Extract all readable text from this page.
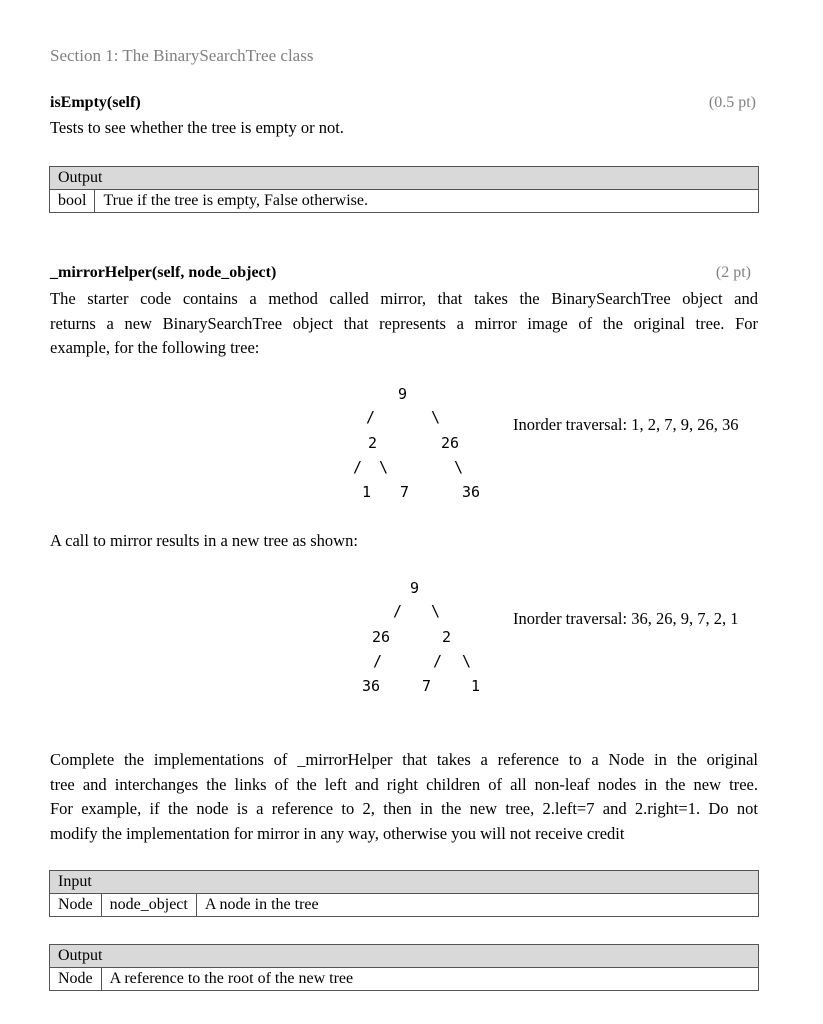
Section 1: The BinarySearchTree class
isEmpty(self)	(0.5 pt)
Tests to see whether the tree is empty or not.
Output
bool	True if the tree is empty, False otherwise.
_mirrorHelper(self, node_object)	(2 pt)
The starter code contains a method called mirror, that takes the BinarySearchTree object and
returns a new BinarySearchTree object that represents a mirror image of the original tree. For
example, for the following tree:
9
/	\
2	26
/ \	\
1 7	36
Inorder traversal: 1, 2, 7, 9, 26, 36
A call to mirror results in a new tree as shown:
9
/ \
26	2
/	/ \
36	7	1
Inorder traversal: 36, 26, 9, 7, 2, 1
Complete the implementations of _mirrorHelper that takes a reference to a Node in the original
tree and interchanges the links of the left and right children of all non-leaf nodes in the new tree.
For example, if the node is a reference to 2, then in the new tree, 2.left=7 and 2.right=1. Do not
modify the implementation for mirror in any way, otherwise you will not receive credit
Input
Node	node_object	A node in the tree
Output
Node	A reference to the root of the new tree
